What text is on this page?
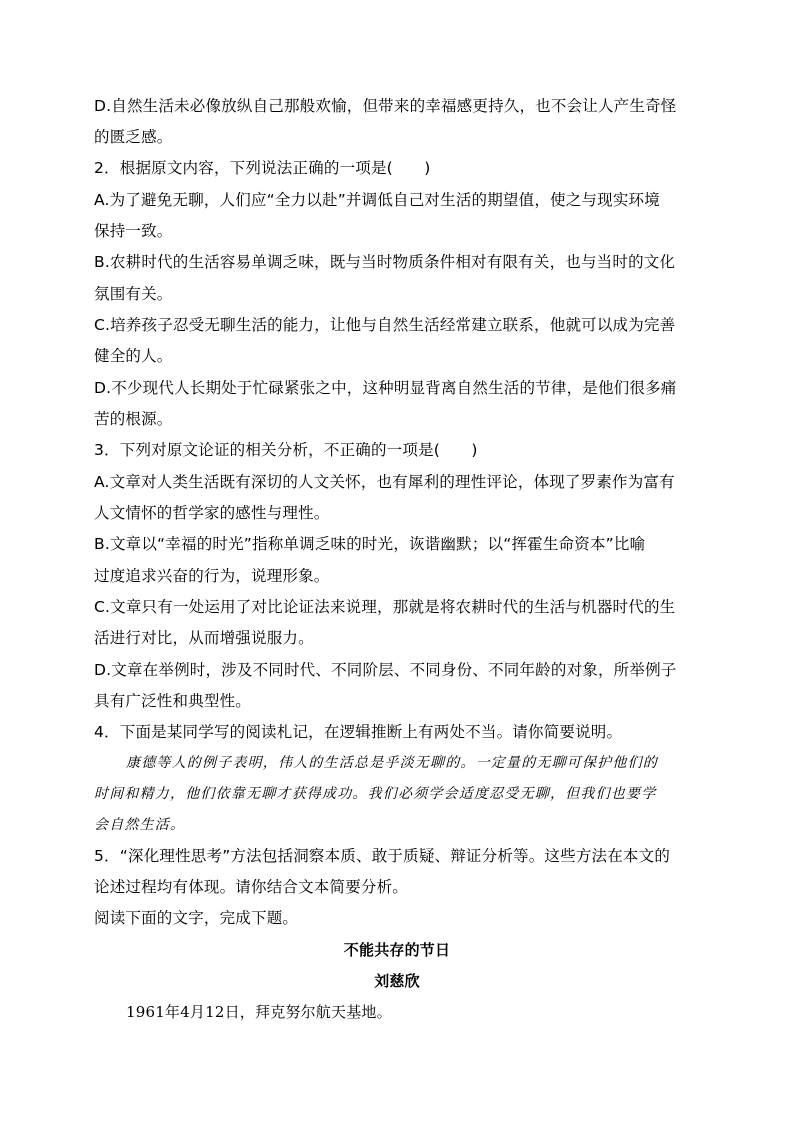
D.自然生活未必像放纵自己那般欢愉，但带来的幸福感更持久，也不会让人产生奇怪
的匮乏感。
2．根据原文内容，下列说法正确的一项是(　　)
A.为了避免无聊，人们应“全力以赴”并调低自己对生活的期望值，使之与现实环境
保持一致。
B.农耕时代的生活容易单调乏味，既与当时物质条件相对有限有关，也与当时的文化
氛围有关。
C.培养孩子忍受无聊生活的能力，让他与自然生活经常建立联系，他就可以成为完善
健全的人。
D.不少现代人长期处于忙碌紧张之中，这种明显背离自然生活的节律，是他们很多痛
苦的根源。
3．下列对原文论证的相关分析，不正确的一项是(　　)
A.文章对人类生活既有深切的人文关怀，也有犀利的理性评论，体现了罗素作为富有
人文情怀的哲学家的感性与理性。
B.文章以“幸福的时光”指称单调乏味的时光，诙谐幽默；以“挥霍生命资本”比喻
过度追求兴奋的行为，说理形象。
C.文章只有一处运用了对比论证法来说理，那就是将农耕时代的生活与机器时代的生
活进行对比，从而增强说服力。
D.文章在举例时，涉及不同时代、不同阶层、不同身份、不同年龄的对象，所举例子
具有广泛性和典型性。
4．下面是某同学写的阅读札记，在逻辑推断上有两处不当。请你简要说明。
康德等人的例子表明，伟人的生活总是乎淡无聊的。一定量的无聊可保护他们的
时间和精力，他们依靠无聊才获得成功。我们必须学会适度忍受无聊，但我们也要学
会自然生活。
5．“深化理性思考”方法包括洞察本质、敢于质疑、辩证分析等。这些方法在本文的
论述过程均有体现。请你结合文本简要分析。
阅读下面的文字，完成下题。
不能共存的节日
刘慈欣
1961年4月12日，拜克努尔航天基地。
